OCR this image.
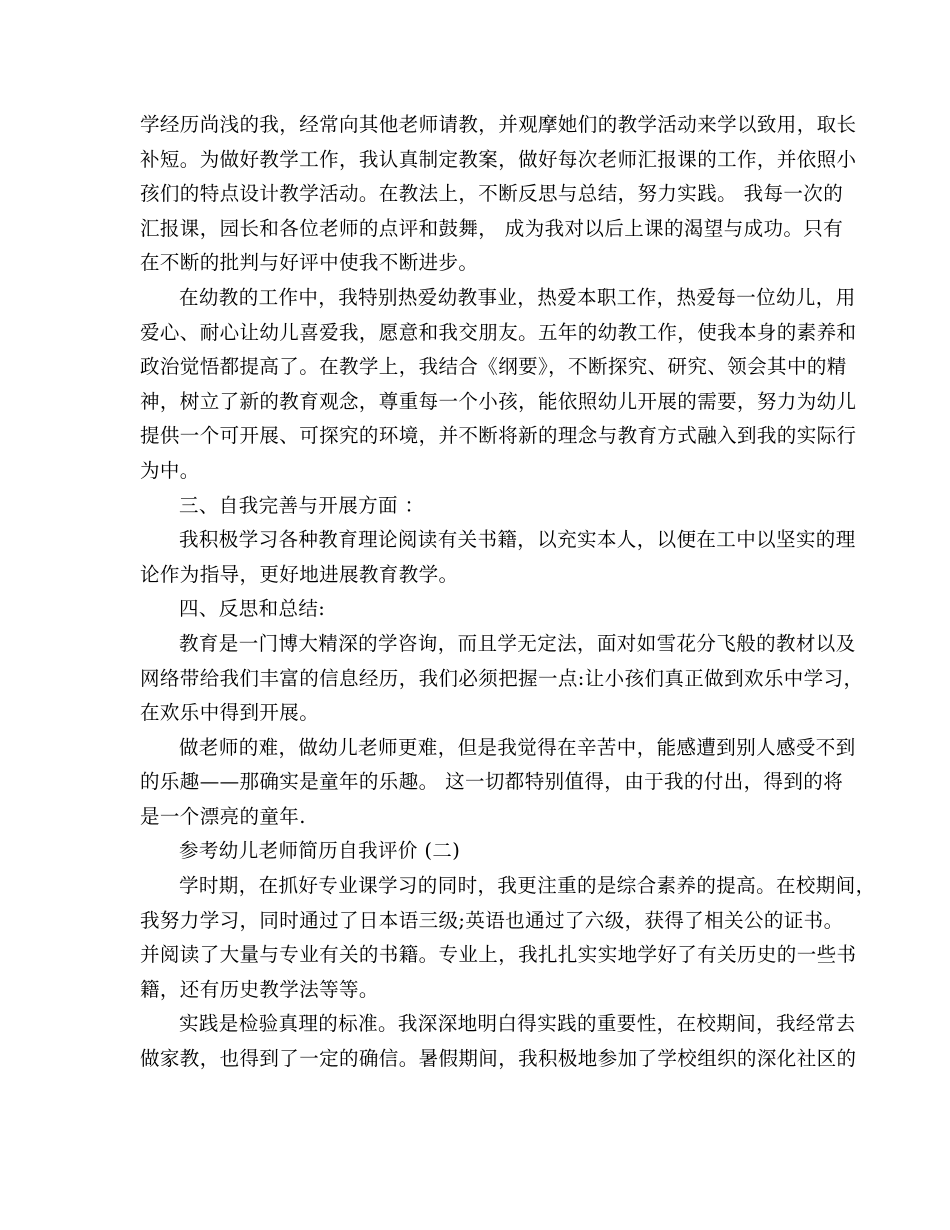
学经历尚浅的我，经常向其他老师请教，并观摩她们的教学活动来学以致用，取长
补短。为做好教学工作，我认真制定教案，做好每次老师汇报课的工作，并依照小
孩们的特点设计教学活动。在教法上，不断反思与总结，努力实践。 我每一次的
汇报课，园长和各位老师的点评和鼓舞， 成为我对以后上课的渴望与成功。只有
在不断的批判与好评中使我不断进步。
在幼教的工作中，我特别热爱幼教事业，热爱本职工作，热爱每一位幼儿，用
爱心、耐心让幼儿喜爱我，愿意和我交朋友。五年的幼教工作，使我本身的素养和
政治觉悟都提高了。在教学上，我结合《纲要》，不断探究、研究、领会其中的精
神，树立了新的教育观念，尊重每一个小孩，能依照幼儿开展的需要，努力为幼儿
提供一个可开展、可探究的环境，并不断将新的理念与教育方式融入到我的实际行
为中。
三、自我完善与开展方面 ：
我积极学习各种教育理论阅读有关书籍，以充实本人，以便在工中以坚实的理
论作为指导，更好地进展教育教学。
四、反思和总结:
教育是一门博大精深的学咨询，而且学无定法，面对如雪花分飞般的教材以及
网络带给我们丰富的信息经历，我们必须把握一点:让小孩们真正做到欢乐中学习，
在欢乐中得到开展。
做老师的难，做幼儿老师更难，但是我觉得在辛苦中，能感遭到别人感受不到
的乐趣——那确实是童年的乐趣。 这一切都特别值得，由于我的付出，得到的将
是一个漂亮的童年.
参考幼儿老师简历自我评价 (二)
学时期，在抓好专业课学习的同时，我更注重的是综合素养的提高。在校期间，
我努力学习，同时通过了日本语三级;英语也通过了六级，获得了相关公的证书。
并阅读了大量与专业有关的书籍。专业上，我扎扎实实地学好了有关历史的一些书
籍，还有历史教学法等等。
实践是检验真理的标准。我深深地明白得实践的重要性，在校期间，我经常去
做家教，也得到了一定的确信。暑假期间，我积极地参加了学校组织的深化社区的
